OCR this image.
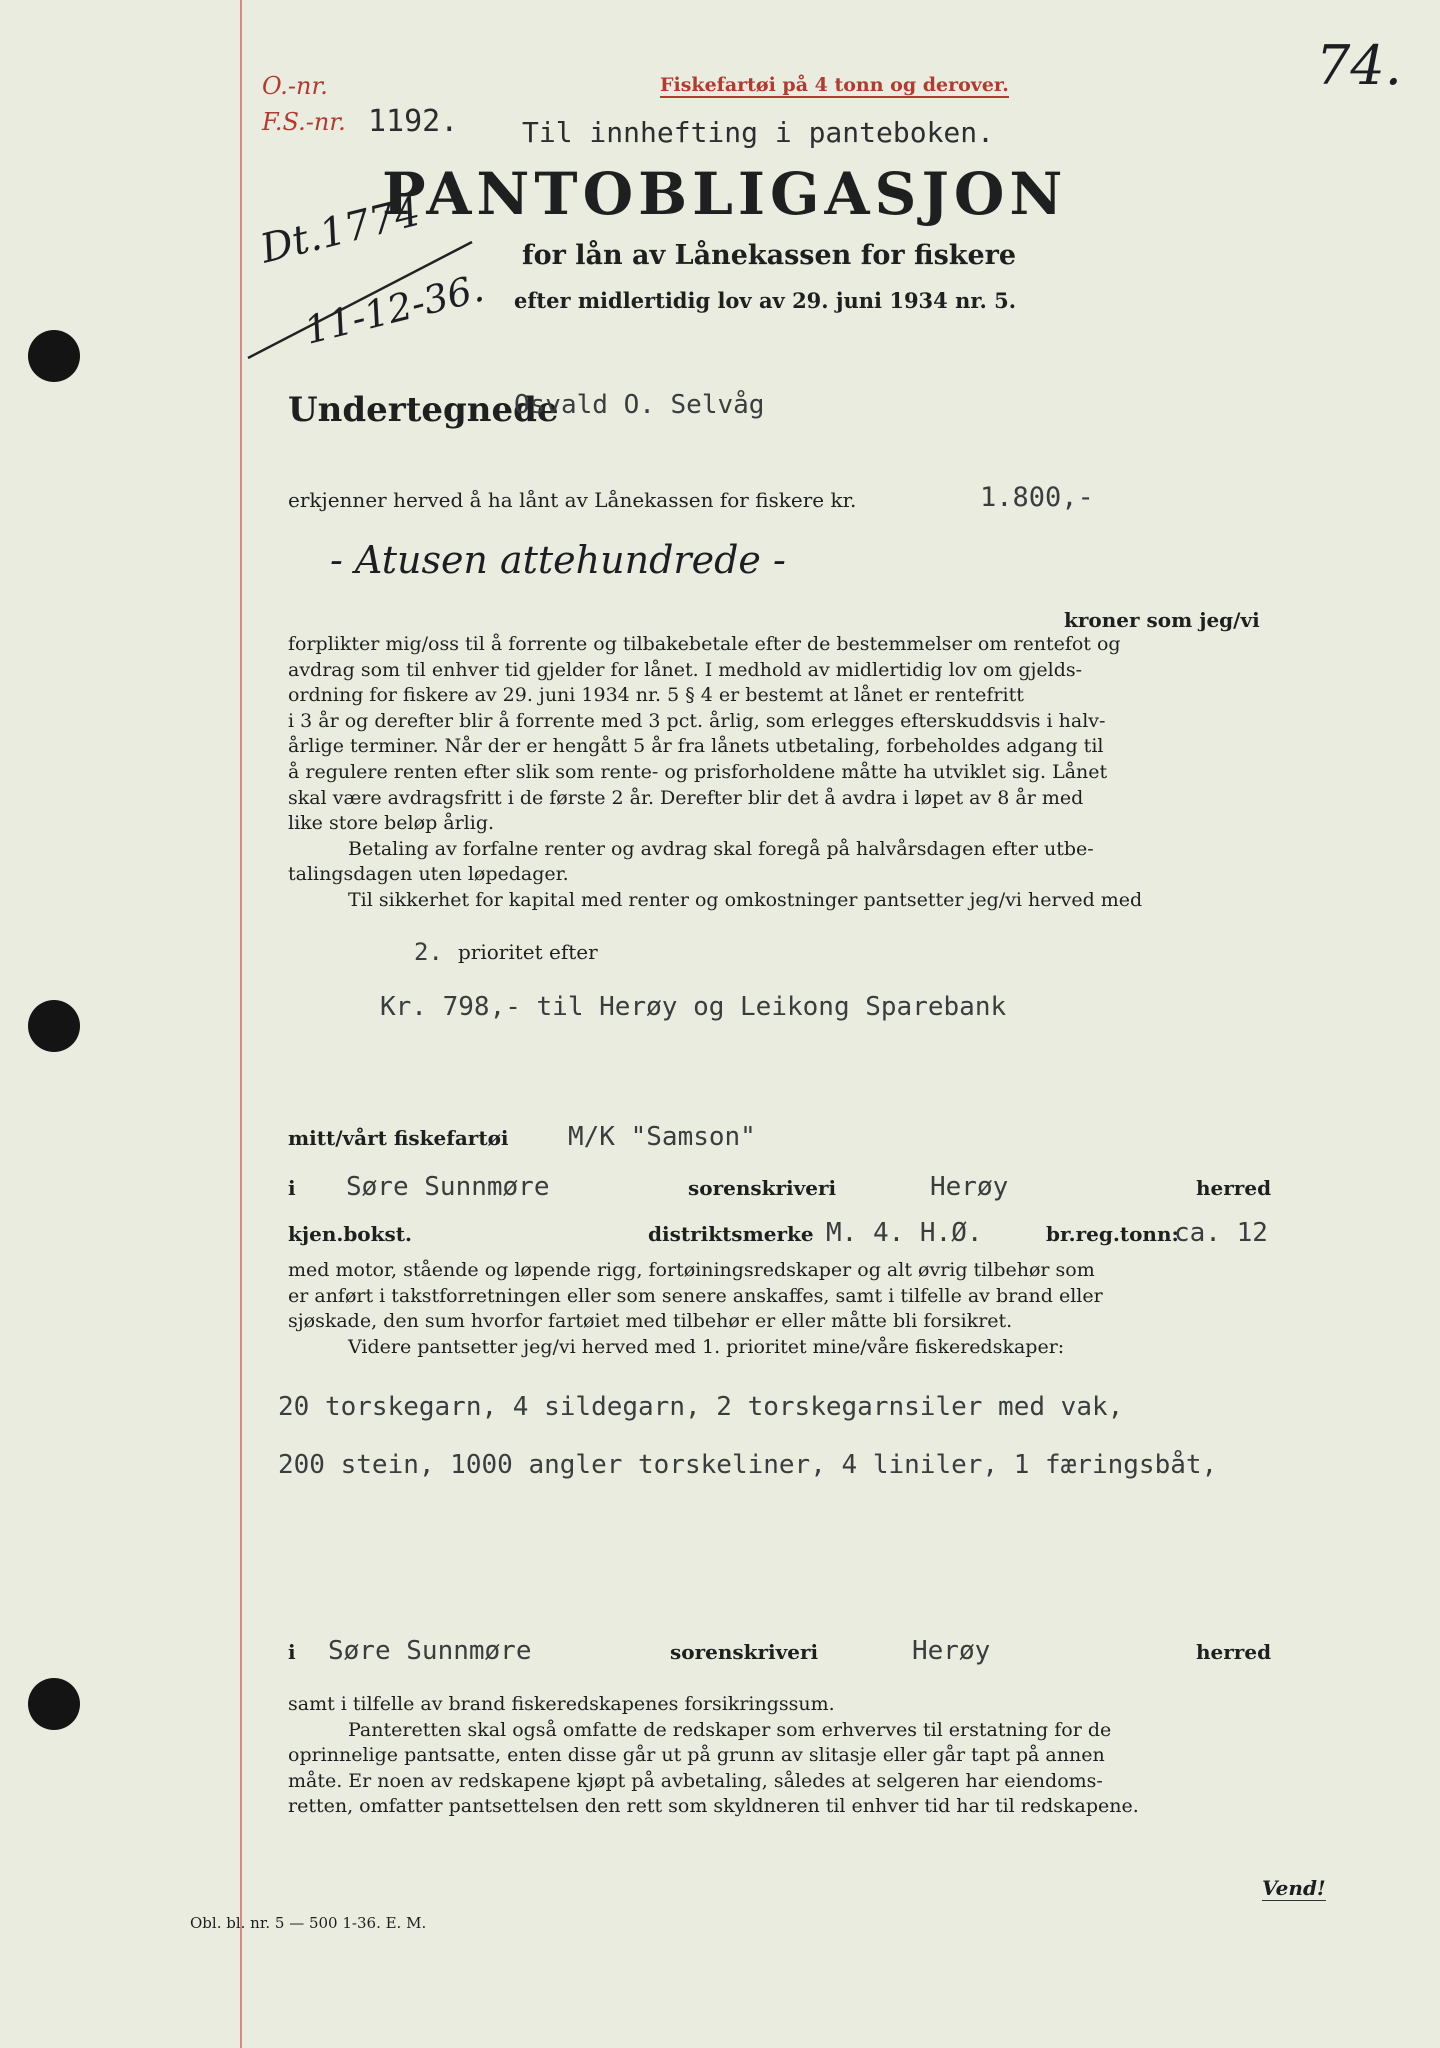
O.-nr.
F.S.-nr. 1192.
Fiskefartøi på 4 tonn og derover.	74.
Til innhefting i panteboken.
PANTOBLIGASJON
for lån av Lånekassen for fiskere
efter midlertidig lov av 29. juni 1934 nr. 5.
Dt.1774
11-12-36.
Undertegnede
Osvald O. Selvåg
erkjenner herved å ha lånt av Lånekassen for fiskere kr.	1.800,-
- Atusen attehundrede -
kroner som jeg/vi

forplikter mig/oss til å forrente og tilbakebetale efter de bestemmelser om rentefot og

avdrag som til enhver tid gjelder for lånet. I medhold av midlertidig lov om gjelds-

ordning for fiskere av 29. juni 1934 nr. 5 § 4 er bestemt at lånet er rentefritt

i 3 år og derefter blir å forrente med 3 pct. årlig, som erlegges efterskuddsvis i halv-

årlige terminer. Når der er hengått 5 år fra lånets utbetaling, forbeholdes adgang til

å regulere renten efter slik som rente- og prisforholdene måtte ha utviklet sig. Lånet

skal være avdragsfritt i de første 2 år. Derefter blir det å avdra i løpet av 8 år med

like store beløp årlig.

Betaling av forfalne renter og avdrag skal foregå på halvårsdagen efter utbe-

talingsdagen uten løpedager.

Til sikkerhet for kapital med renter og omkostninger pantsetter jeg/vi herved med

2. prioritet efter
Kr. 798,- til Herøy og Leikong Sparebank
mitt/vårt fiskefartøi M/K "Samson"
i Søre Sunnmøre	sorenskriveri	Herøy	herred
kjen.bokst.	distriktsmerke M. 4. H.Ø.	br.reg.tonn:
ca. 12

med motor, stående og løpende rigg, fortøiningsredskaper og alt øvrig tilbehør som

er anført i takstforretningen eller som senere anskaffes, samt i tilfelle av brand eller

sjøskade, den sum hvorfor fartøiet med tilbehør er eller måtte bli forsikret.

Videre pantsetter jeg/vi herved med 1. prioritet mine/våre fiskeredskaper:

20 torskegarn, 4 sildegarn, 2 torskegarnsiler med vak,
200 stein, 1000 angler torskeliner, 4 liniler, 1 færingsbåt,
i Søre Sunnmøre	sorenskriveri	Herøy	herred

samt i tilfelle av brand fiskeredskapenes forsikringssum.

Panteretten skal også omfatte de redskaper som erhverves til erstatning for de

oprinnelige pantsatte, enten disse går ut på grunn av slitasje eller går tapt på annen

måte. Er noen av redskapene kjøpt på avbetaling, således at selgeren har eiendoms-

retten, omfatter pantsettelsen den rett som skyldneren til enhver tid har til redskapene.

Vend!
Obl. bl. nr. 5 — 500 1-36. E. M.
